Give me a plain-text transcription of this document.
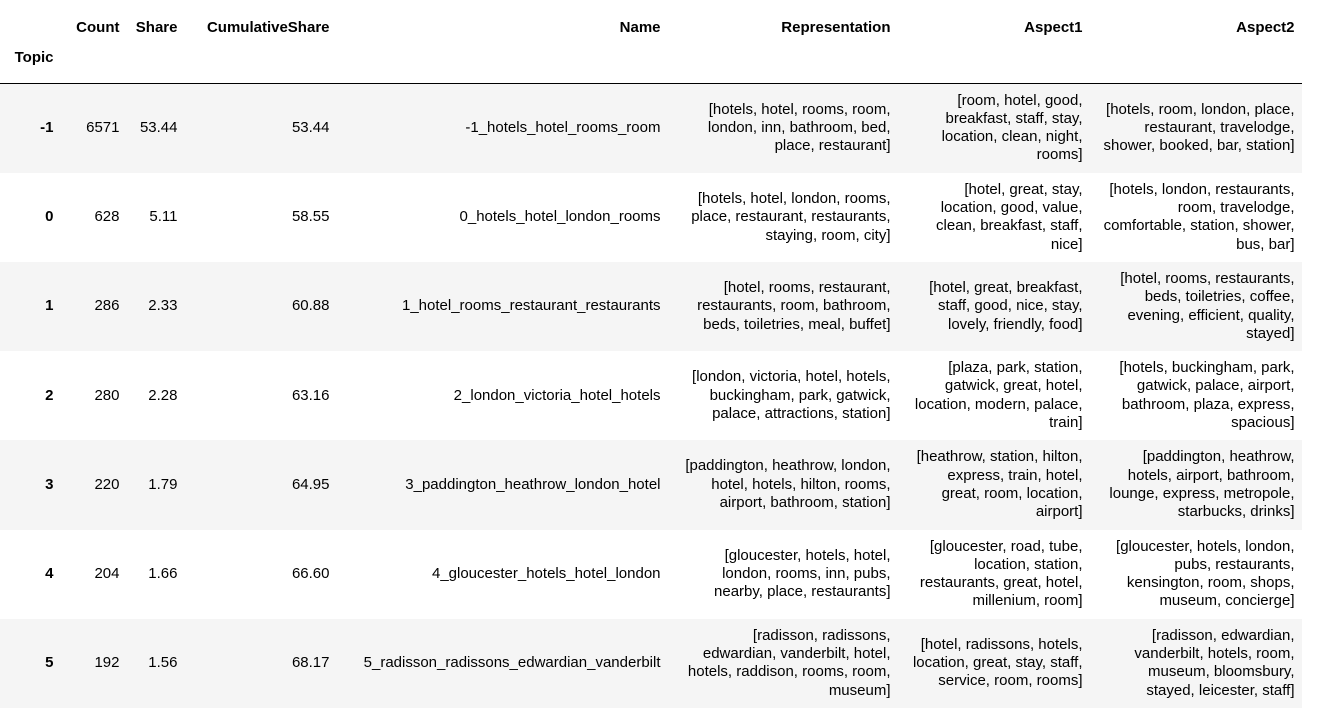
	Count	Share	CumulativeShare	Name	Representation	Aspect1	Aspect2
Topic							
-1	6571	53.44	53.44	-1_hotels_hotel_rooms_room	[hotels, hotel, rooms, room, london, inn, bathroom, bed, place, restaurant]	[room, hotel, good, breakfast, staff, stay, location, clean, night, rooms]	[hotels, room, london, place, restaurant, travelodge, shower, booked, bar, station]
0	628	5.11	58.55	0_hotels_hotel_london_rooms	[hotels, hotel, london, rooms, place, restaurant, restaurants, staying, room, city]	[hotel, great, stay, location, good, value, clean, breakfast, staff, nice]	[hotels, london, restaurants, room, travelodge, comfortable, station, shower, bus, bar]
1	286	2.33	60.88	1_hotel_rooms_restaurant_restaurants	[hotel, rooms, restaurant, restaurants, room, bathroom, beds, toiletries, meal, buffet]	[hotel, great, breakfast, staff, good, nice, stay, lovely, friendly, food]	[hotel, rooms, restaurants, beds, toiletries, coffee, evening, efficient, quality, stayed]
2	280	2.28	63.16	2_london_victoria_hotel_hotels	[london, victoria, hotel, hotels, buckingham, park, gatwick, palace, attractions, station]	[plaza, park, station, gatwick, great, hotel, location, modern, palace, train]	[hotels, buckingham, park, gatwick, palace, airport, bathroom, plaza, express, spacious]
3	220	1.79	64.95	3_paddington_heathrow_london_hotel	[paddington, heathrow, london, hotel, hotels, hilton, rooms, airport, bathroom, station]	[heathrow, station, hilton, express, train, hotel, great, room, location, airport]	[paddington, heathrow, hotels, airport, bathroom, lounge, express, metropole, starbucks, drinks]
4	204	1.66	66.60	4_gloucester_hotels_hotel_london	[gloucester, hotels, hotel, london, rooms, inn, pubs, nearby, place, restaurants]	[gloucester, road, tube, location, station, restaurants, great, hotel, millenium, room]	[gloucester, hotels, london, pubs, restaurants, kensington, room, shops, museum, concierge]
5	192	1.56	68.17	5_radisson_radissons_edwardian_vanderbilt	[radisson, radissons, edwardian, vanderbilt, hotel, hotels, raddison, rooms, room, museum]	[hotel, radissons, hotels, location, great, stay, staff, service, room, rooms]	[radisson, edwardian, vanderbilt, hotels, room, museum, bloomsbury, stayed, leicester, staff]
